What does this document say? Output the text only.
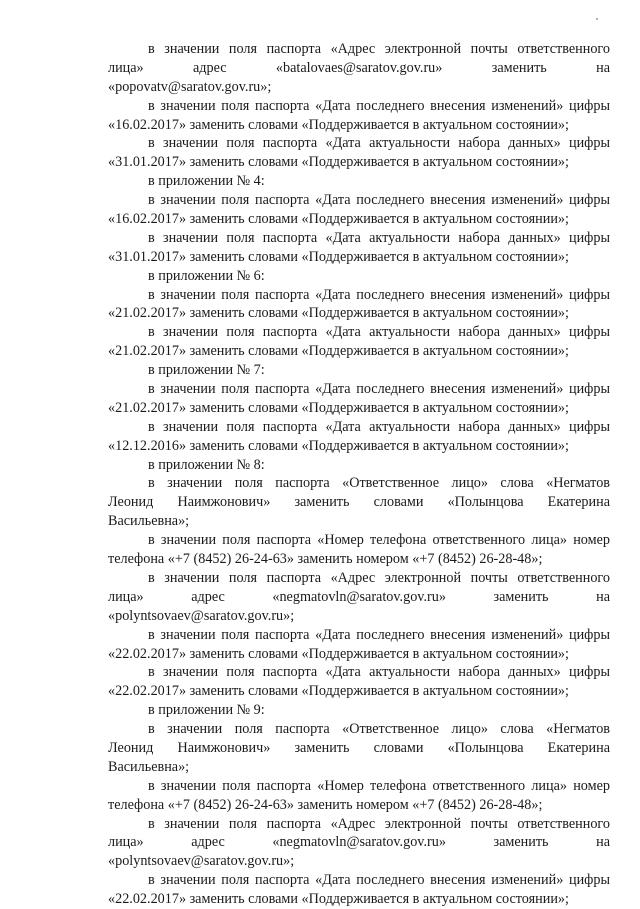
в значении поля паспорта «Адрес электронной почты ответственного
лица» адрес «batalovaes@saratov.gov.ru» заменить на
«popovatv@saratov.gov.ru»;
в значении поля паспорта «Дата последнего внесения изменений» цифры
«16.02.2017» заменить словами «Поддерживается в актуальном состоянии»;
в значении поля паспорта «Дата актуальности набора данных» цифры
«31.01.2017» заменить словами «Поддерживается в актуальном состоянии»;
в приложении № 4:
в значении поля паспорта «Дата последнего внесения изменений» цифры
«16.02.2017» заменить словами «Поддерживается в актуальном состоянии»;
в значении поля паспорта «Дата актуальности набора данных» цифры
«31.01.2017» заменить словами «Поддерживается в актуальном состоянии»;
в приложении № 6:
в значении поля паспорта «Дата последнего внесения изменений» цифры
«21.02.2017» заменить словами «Поддерживается в актуальном состоянии»;
в значении поля паспорта «Дата актуальности набора данных» цифры
«21.02.2017» заменить словами «Поддерживается в актуальном состоянии»;
в приложении № 7:
в значении поля паспорта «Дата последнего внесения изменений» цифры
«21.02.2017» заменить словами «Поддерживается в актуальном состоянии»;
в значении поля паспорта «Дата актуальности набора данных» цифры
«12.12.2016» заменить словами «Поддерживается в актуальном состоянии»;
в приложении № 8:
в значении поля паспорта «Ответственное лицо» слова «Негматов
Леонид Наимжонович» заменить словами «Полынцова Екатерина
Васильевна»;
в значении поля паспорта «Номер телефона ответственного лица» номер
телефона «+7 (8452) 26-24-63» заменить номером «+7 (8452) 26-28-48»;
в значении поля паспорта «Адрес электронной почты ответственного
лица» адрес «negmatovln@saratov.gov.ru» заменить на
«polyntsovaev@saratov.gov.ru»;
в значении поля паспорта «Дата последнего внесения изменений» цифры
«22.02.2017» заменить словами «Поддерживается в актуальном состоянии»;
в значении поля паспорта «Дата актуальности набора данных» цифры
«22.02.2017» заменить словами «Поддерживается в актуальном состоянии»;
в приложении № 9:
в значении поля паспорта «Ответственное лицо» слова «Негматов
Леонид Наимжонович» заменить словами «Полынцова Екатерина
Васильевна»;
в значении поля паспорта «Номер телефона ответственного лица» номер
телефона «+7 (8452) 26-24-63» заменить номером «+7 (8452) 26-28-48»;
в значении поля паспорта «Адрес электронной почты ответственного
лица» адрес «negmatovln@saratov.gov.ru» заменить на
«polyntsovaev@saratov.gov.ru»;
в значении поля паспорта «Дата последнего внесения изменений» цифры
«22.02.2017» заменить словами «Поддерживается в актуальном состоянии»;
